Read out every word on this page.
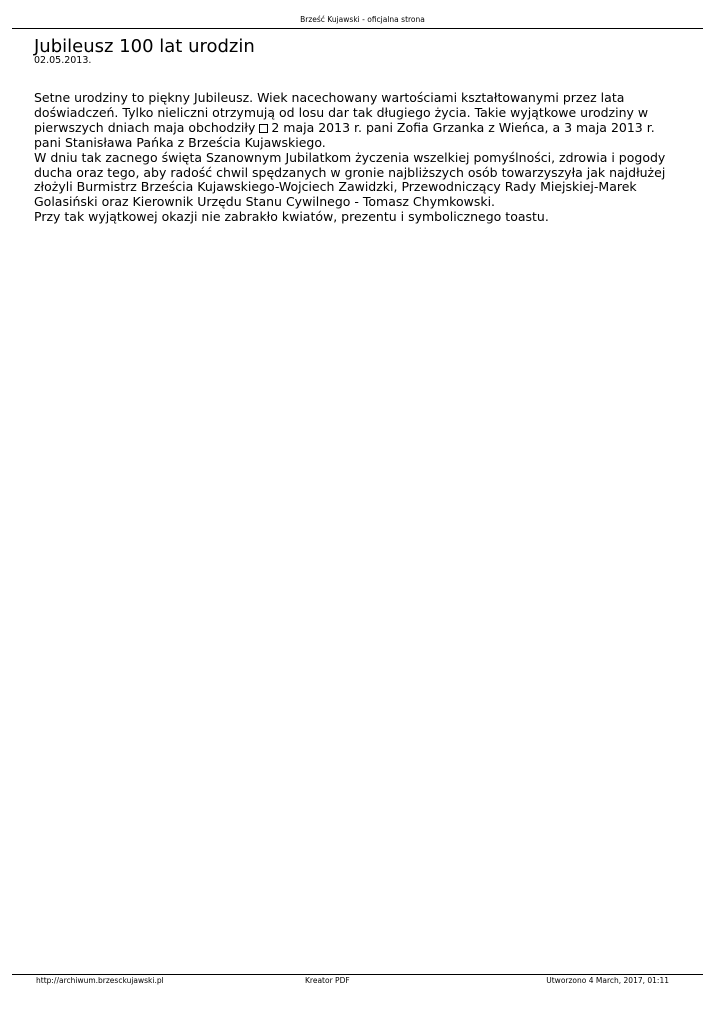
Brześć Kujawski - oficjalna strona
Jubileusz 100 lat urodzin
02.05.2013.

Setne urodziny to piękny Jubileusz. Wiek nacechowany wartościami kształtowanymi przez lata

doświadczeń. Tylko nieliczni otrzymują od losu dar tak długiego życia. Takie wyjątkowe urodziny w

pierwszych dniach maja obchodziły 2 maja 2013 r. pani Zofia Grzanka z Wieńca, a 3 maja 2013 r.

pani Stanisława Pańka z Brześcia Kujawskiego.

W dniu tak zacnego święta Szanownym Jubilatkom życzenia wszelkiej pomyślności, zdrowia i pogody

ducha oraz tego, aby radość chwil spędzanych w gronie najbliższych osób towarzyszyła jak najdłużej

złożyli Burmistrz Brześcia Kujawskiego-Wojciech Zawidzki, Przewodniczący Rady Miejskiej-Marek

Golasiński oraz Kierownik Urzędu Stanu Cywilnego - Tomasz Chymkowski.

Przy tak wyjątkowej okazji nie zabrakło kwiatów, prezentu i symbolicznego toastu.

http://archiwum.brzesckujawski.pl	Kreator PDF	Utworzono 4 March, 2017, 01:11
